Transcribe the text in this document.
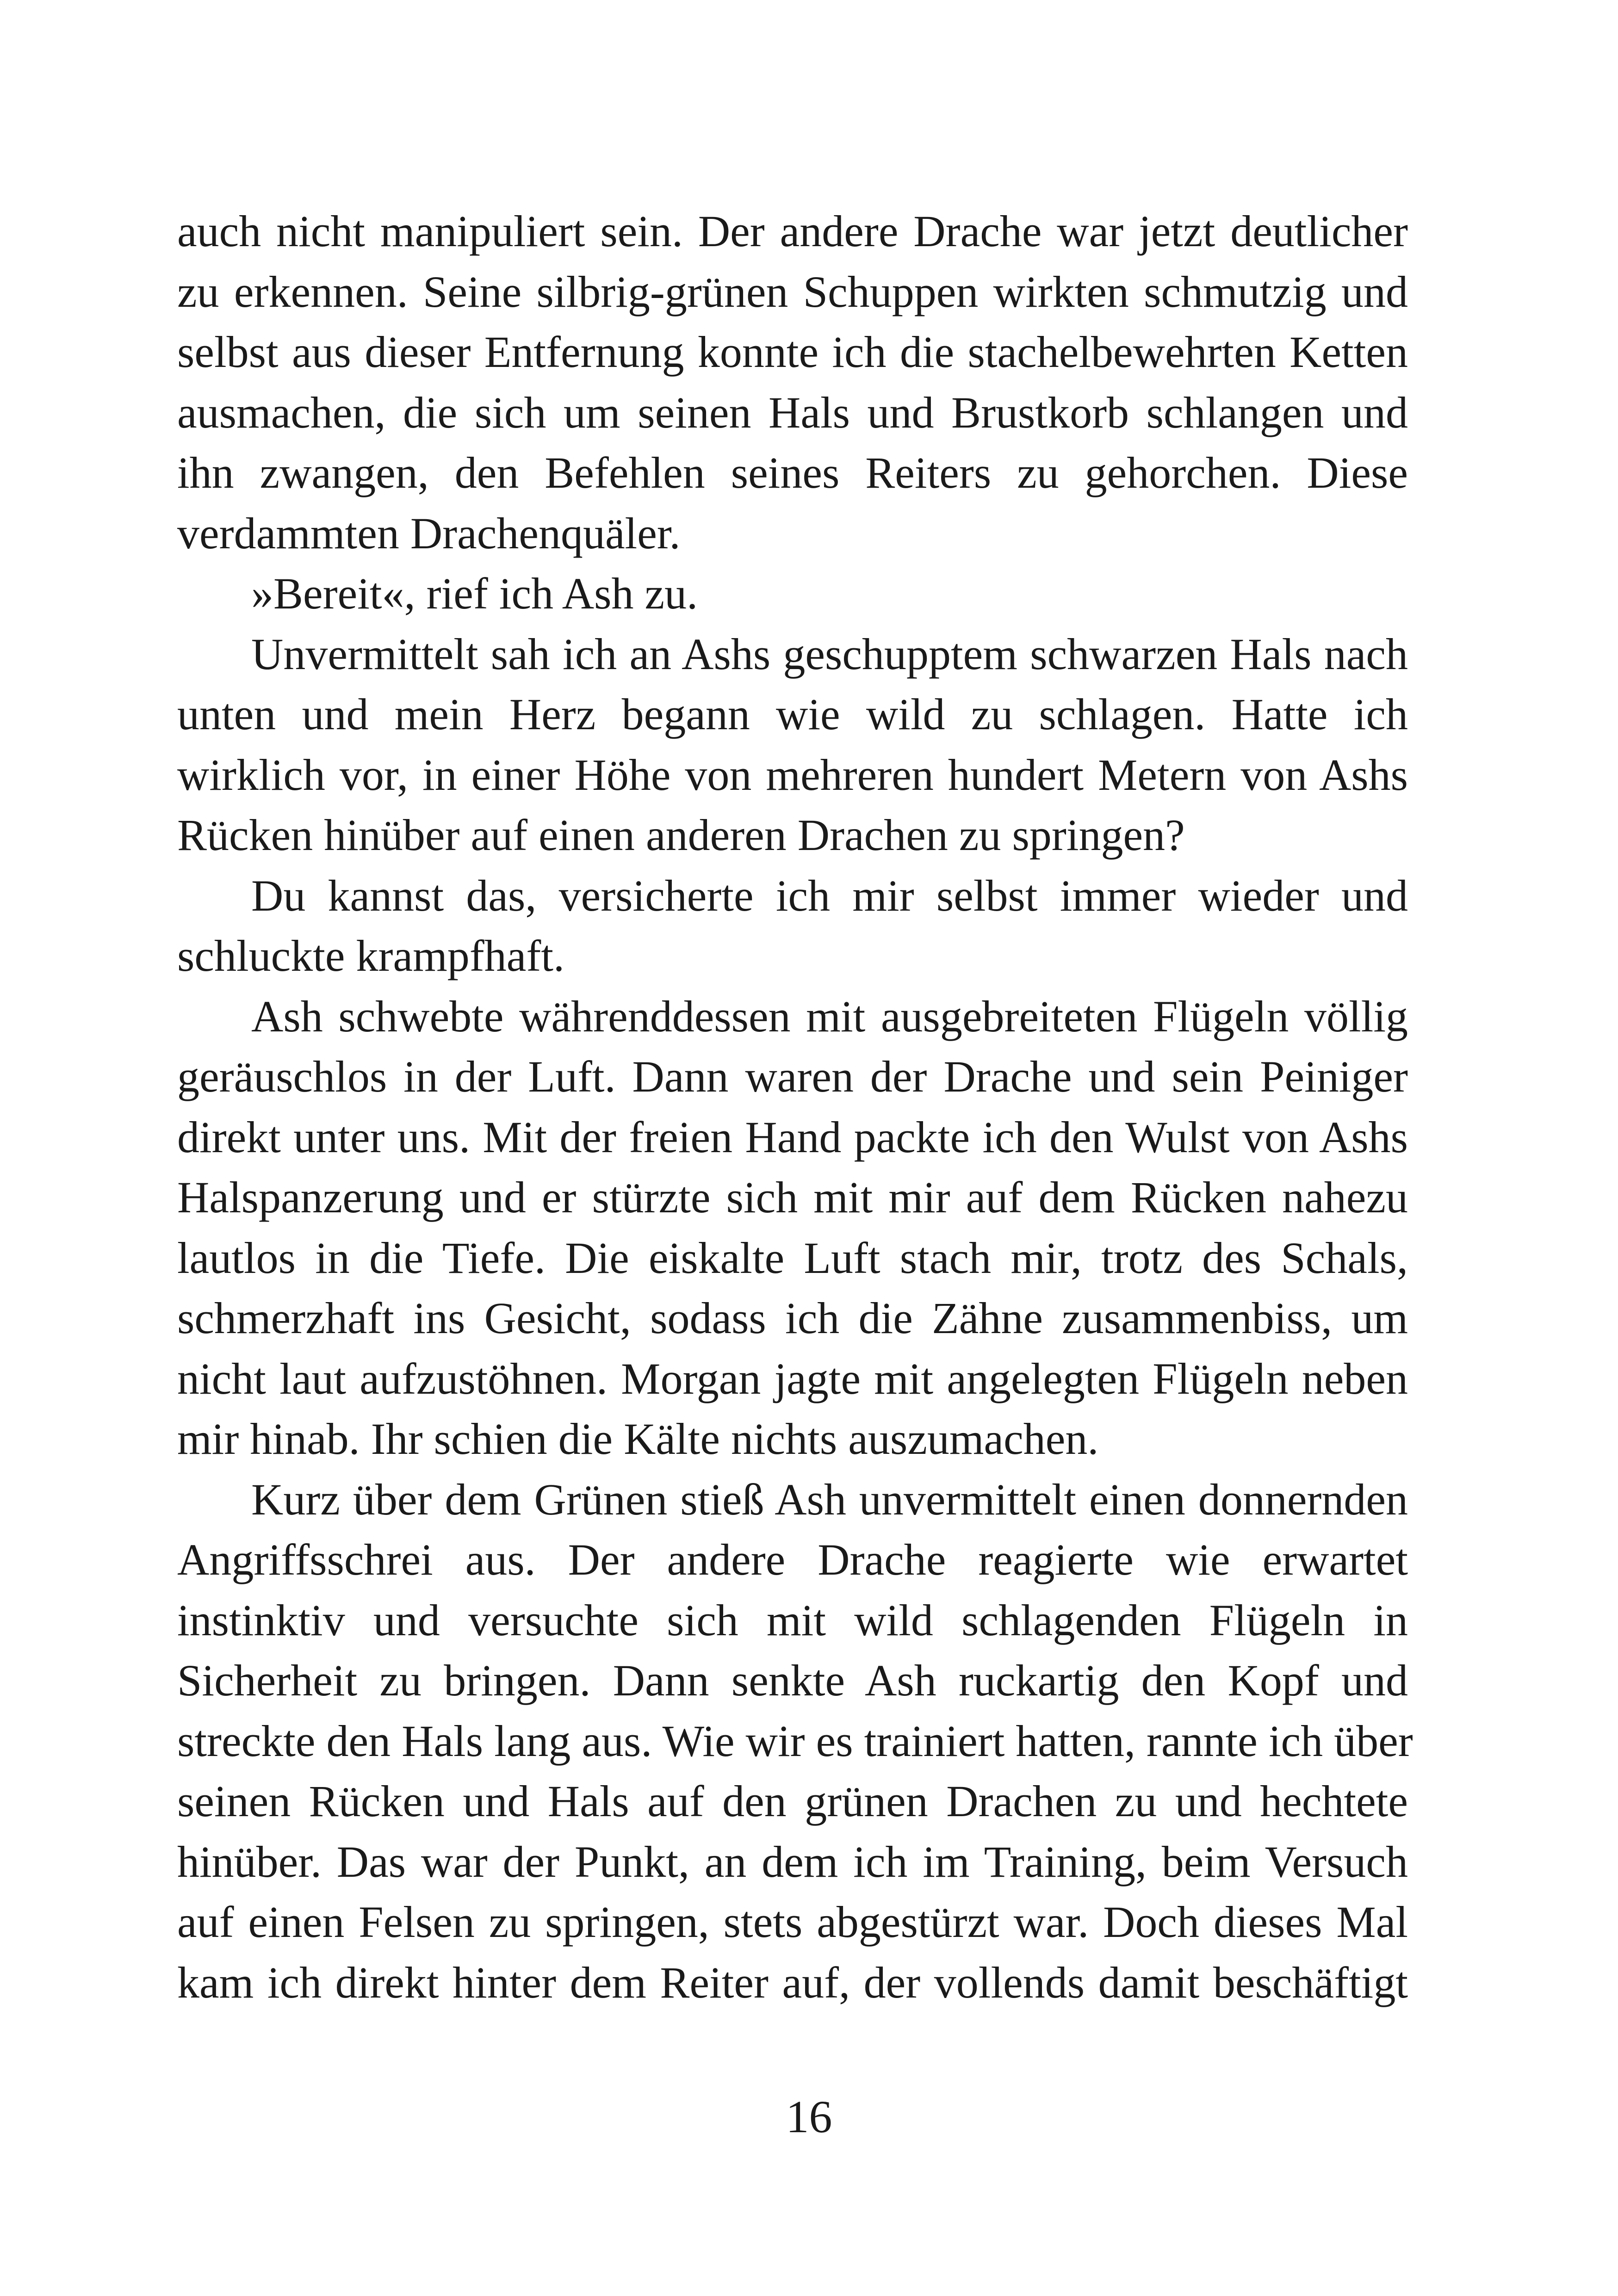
auch nicht manipuliert sein. Der andere Drache war jetzt deutlicher
zu erkennen. Seine silbrig-grünen Schuppen wirkten schmutzig und
selbst aus dieser Entfernung konnte ich die stachelbewehrten Ketten
ausmachen, die sich um seinen Hals und Brustkorb schlangen und
ihn zwangen, den Befehlen seines Reiters zu gehorchen. Diese
verdammten Drachenquäler.

»Bereit«, rief ich Ash zu.

Unvermittelt sah ich an Ashs geschupptem schwarzen Hals nach
unten und mein Herz begann wie wild zu schlagen. Hatte ich
wirklich vor, in einer Höhe von mehreren hundert Metern von Ashs
Rücken hinüber auf einen anderen Drachen zu springen?

Du kannst das, versicherte ich mir selbst immer wieder und
schluckte krampfhaft.

Ash schwebte währenddessen mit ausgebreiteten Flügeln völlig
geräuschlos in der Luft. Dann waren der Drache und sein Peiniger
direkt unter uns. Mit der freien Hand packte ich den Wulst von Ashs
Halspanzerung und er stürzte sich mit mir auf dem Rücken nahezu
lautlos in die Tiefe. Die eiskalte Luft stach mir, trotz des Schals,
schmerzhaft ins Gesicht, sodass ich die Zähne zusammenbiss, um
nicht laut aufzustöhnen. Morgan jagte mit angelegten Flügeln neben
mir hinab. Ihr schien die Kälte nichts auszumachen.

Kurz über dem Grünen stieß Ash unvermittelt einen donnernden
Angriffsschrei aus. Der andere Drache reagierte wie erwartet
instinktiv und versuchte sich mit wild schlagenden Flügeln in
Sicherheit zu bringen. Dann senkte Ash ruckartig den Kopf und
streckte den Hals lang aus. Wie wir es trainiert hatten, rannte ich über
seinen Rücken und Hals auf den grünen Drachen zu und hechtete
hinüber. Das war der Punkt, an dem ich im Training, beim Versuch
auf einen Felsen zu springen, stets abgestürzt war. Doch dieses Mal
kam ich direkt hinter dem Reiter auf, der vollends damit beschäftigt

16
